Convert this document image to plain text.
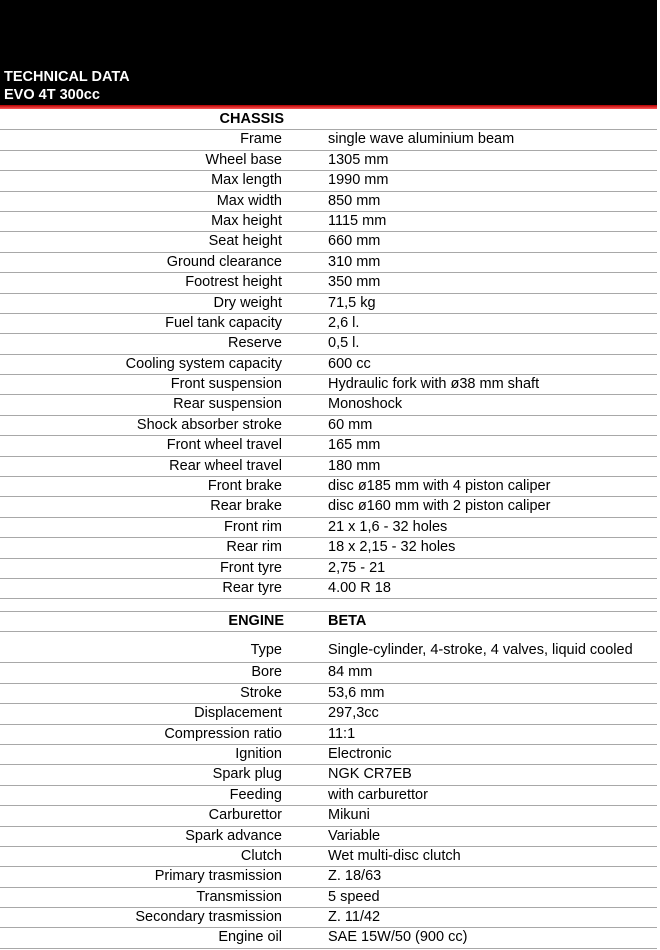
TECHNICAL DATA
EVO 4T 300cc
CHASSIS
Frame	single wave aluminium beam
Wheel base	1305 mm
Max length	1990 mm
Max width	850 mm
Max height	1115 mm
Seat height	660 mm
Ground clearance	310 mm
Footrest height	350 mm
Dry weight	71,5 kg
Fuel tank capacity	2,6 l.
Reserve	0,5 l.
Cooling system capacity	600 cc
Front suspension	Hydraulic fork with ø38 mm shaft
Rear suspension	Monoshock
Shock absorber stroke	60 mm
Front wheel travel	165 mm
Rear wheel travel	180 mm
Front brake	disc ø185 mm with 4 piston caliper
Rear brake	disc ø160 mm with 2 piston caliper
Front rim	21 x 1,6 - 32 holes
Rear rim	18 x 2,15 - 32 holes
Front tyre	2,75 - 21
Rear tyre	4.00 R 18
ENGINE	BETA
Type	Single-cylinder, 4-stroke, 4 valves, liquid cooled
Bore	84 mm
Stroke	53,6 mm
Displacement	297,3cc
Compression ratio	11:1
Ignition	Electronic
Spark plug	NGK CR7EB
Feeding	with carburettor
Carburettor	Mikuni
Spark advance	Variable
Clutch	Wet multi-disc clutch
Primary trasmission	Z. 18/63
Transmission	5 speed
Secondary trasmission	Z. 11/42
Engine oil	SAE 15W/50 (900 cc)
